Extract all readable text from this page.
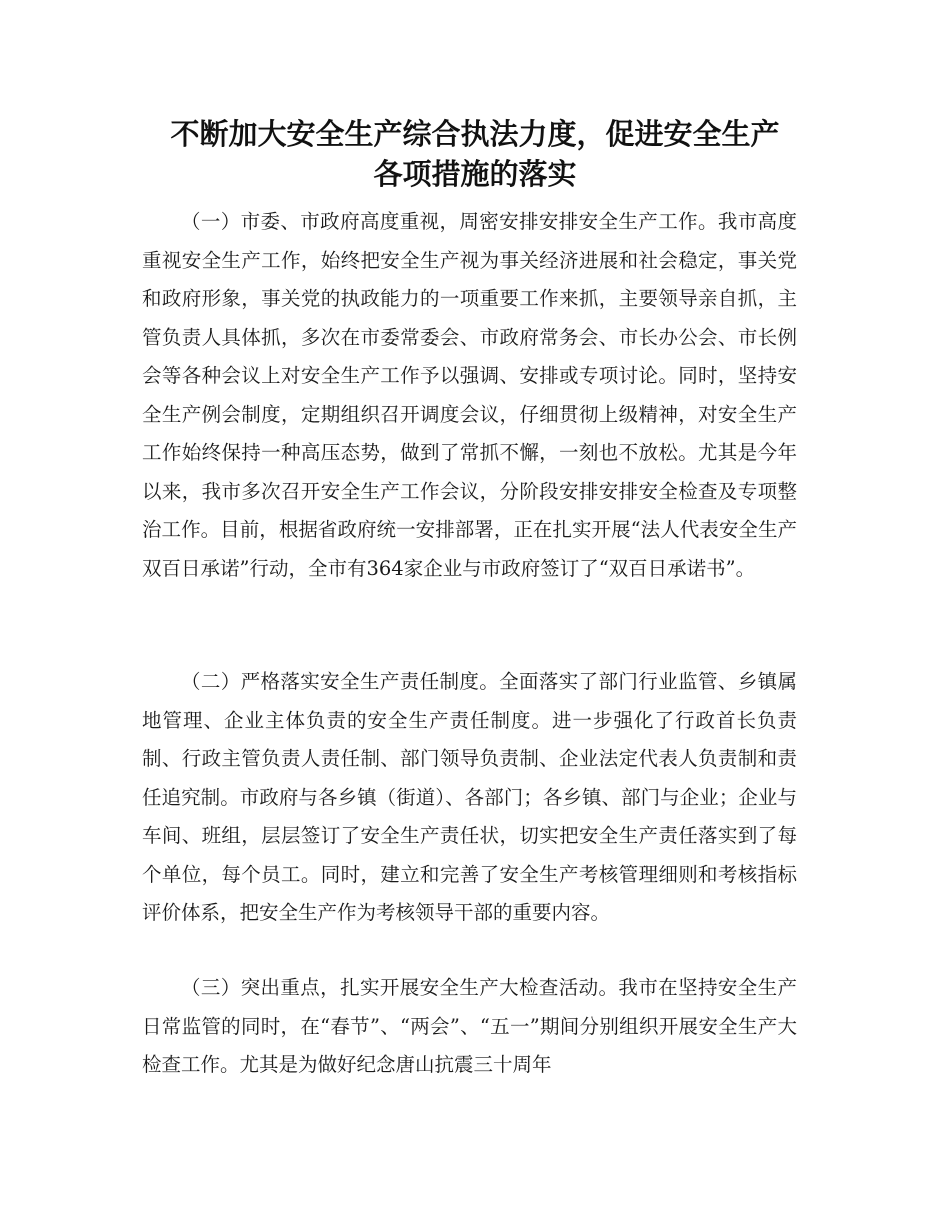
不断加大安全生产综合执法力度，促进安全生产
各项措施的落实

（一）市委、市政府高度重视，周密安排安排安全生产工作。我市高度重视安全生产工作，始终把安全生产视为事关经济进展和社会稳定，事关党和政府形象，事关党的执政能力的一项重要工作来抓，主要领导亲自抓，主管负责人具体抓，多次在市委常委会、市政府常务会、市长办公会、市长例会等各种会议上对安全生产工作予以强调、安排或专项讨论。同时，坚持安全生产例会制度，定期组织召开调度会议，仔细贯彻上级精神，对安全生产工作始终保持一种高压态势，做到了常抓不懈，一刻也不放松。尤其是今年以来，我市多次召开安全生产工作会议，分阶段安排安排安全检查及专项整治工作。目前，根据省政府统一安排部署，正在扎实开展“法人代表安全生产双百日承诺”行动，全市有364家企业与市政府签订了“双百日承诺书”。

（二）严格落实安全生产责任制度。全面落实了部门行业监管、乡镇属地管理、企业主体负责的安全生产责任制度。进一步强化了行政首长负责制、行政主管负责人责任制、部门领导负责制、企业法定代表人负责制和责任追究制。市政府与各乡镇（街道）、各部门；各乡镇、部门与企业；企业与车间、班组，层层签订了安全生产责任状，切实把安全生产责任落实到了每个单位，每个员工。同时，建立和完善了安全生产考核管理细则和考核指标评价体系，把安全生产作为考核领导干部的重要内容。

（三）突出重点，扎实开展安全生产大检查活动。我市在坚持安全生产日常监管的同时，在“春节”、“两会”、“五一”期间分别组织开展安全生产大检查工作。尤其是为做好纪念唐山抗震三十周年
